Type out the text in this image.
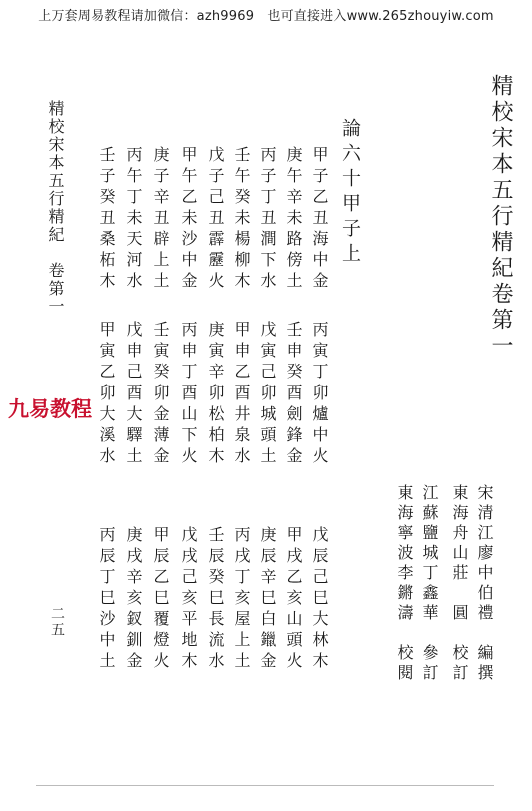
上万套周易教程请加微信：azh9969　也可直接进入www.265zhouyiw.com
精校宋本五行精紀卷第一
宋清江廖中伯禮　編撰
東海舟山莊　圓　校訂
江蘇鹽城丁鑫華　參訂
東海寧波李鏘濤　校閱
論六十甲子上
甲子乙丑海中金
庚午辛未路傍土
丙子丁丑澗下水
壬午癸未楊柳木
戊子己丑霹靂火
甲午乙未沙中金
庚子辛丑辟上土
丙午丁未天河水
壬子癸丑桑柘木
丙寅丁卯爐中火
壬申癸酉劍鋒金
戊寅己卯城頭土
甲申乙酉井泉水
庚寅辛卯松柏木
丙申丁酉山下火
壬寅癸卯金薄金
戊申己酉大驛土
甲寅乙卯大溪水
戊辰己巳大林木
甲戌乙亥山頭火
庚辰辛巳白鑞金
丙戌丁亥屋上土
壬辰癸巳長流水
戊戌己亥平地木
甲辰乙巳覆燈火
庚戌辛亥釵釧金
丙辰丁巳沙中土
精校宋本五行精紀　卷第一
二五
九易教程
